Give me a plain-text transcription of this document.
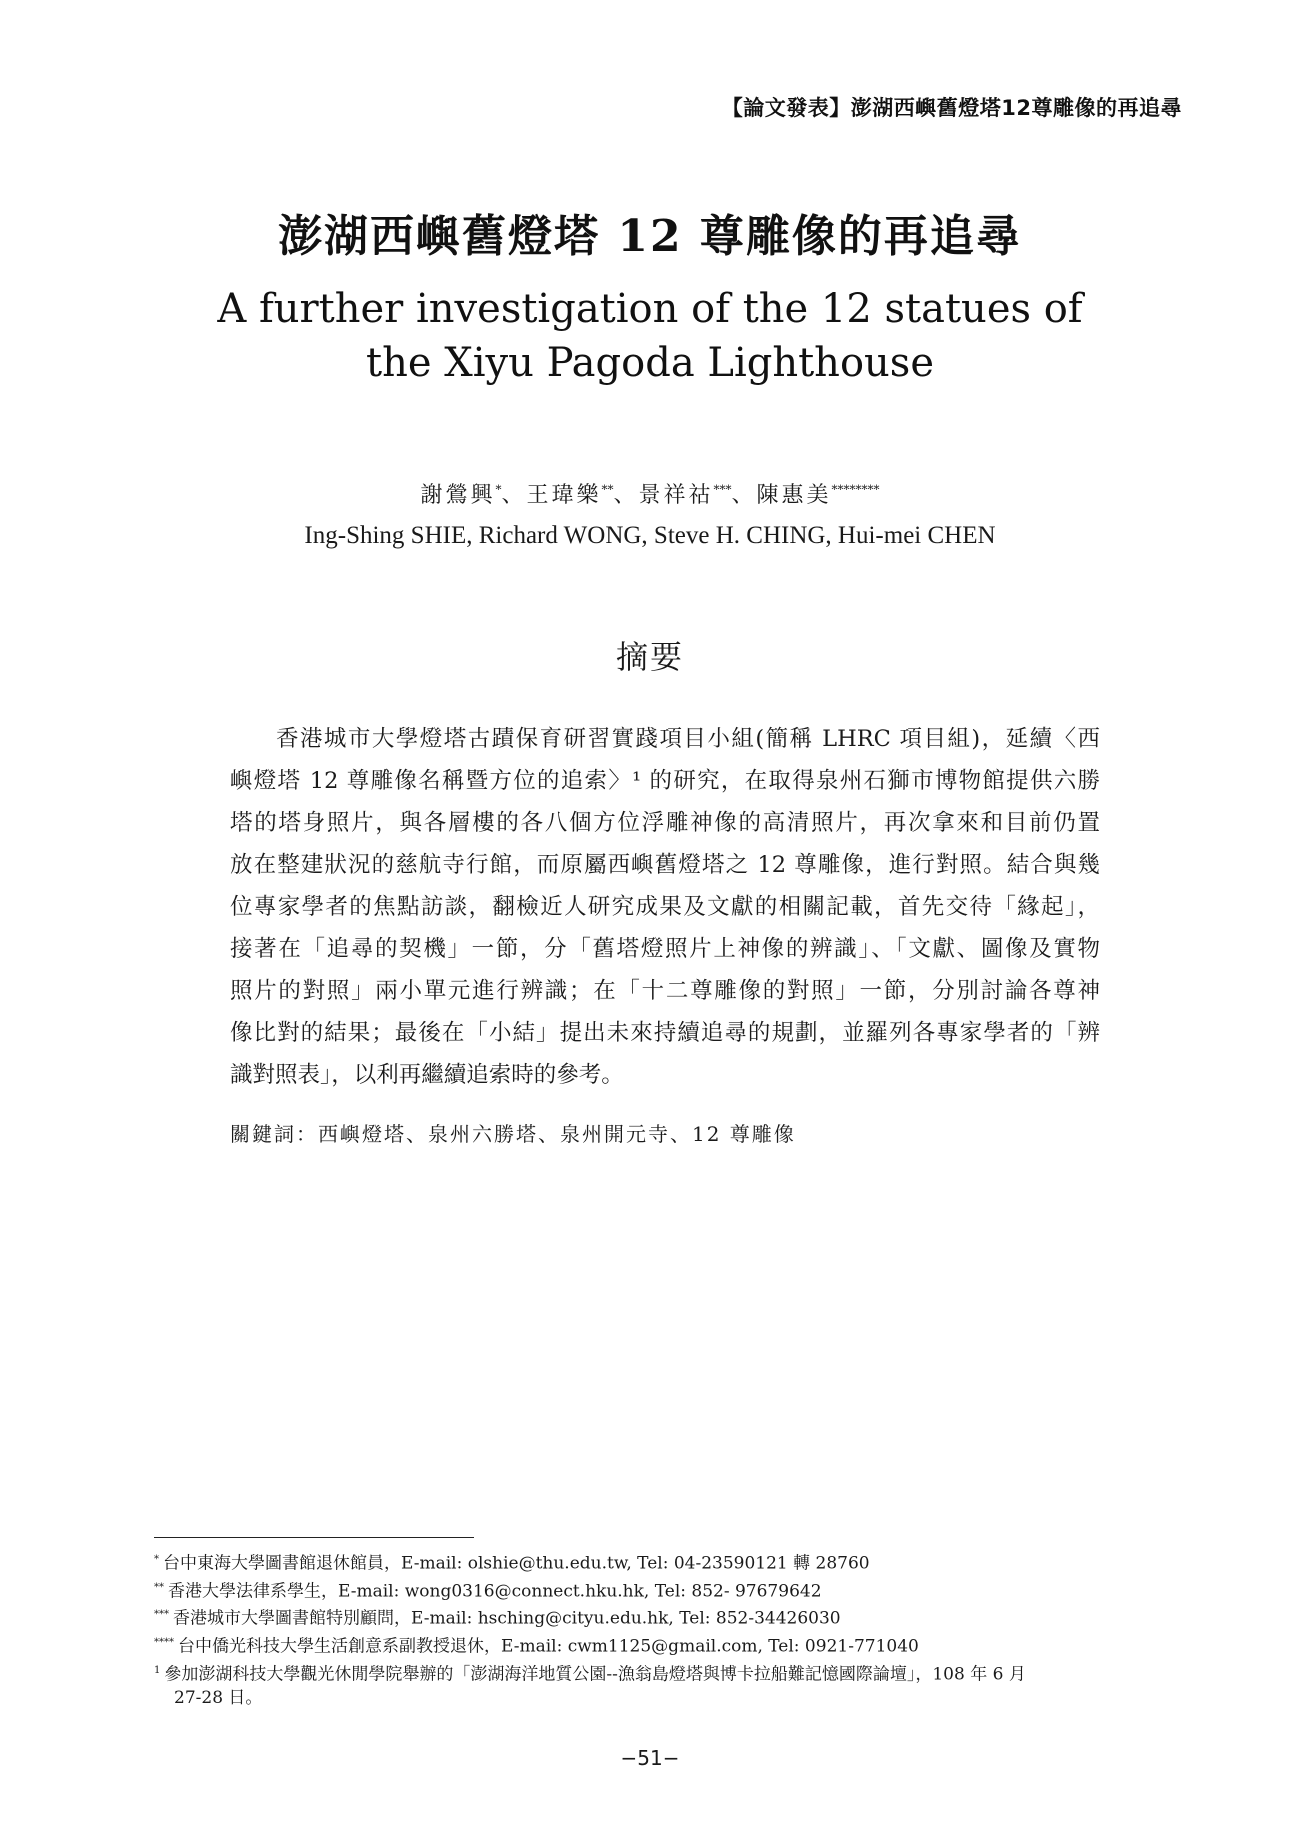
【論文發表】澎湖西嶼舊燈塔12尊雕像的再追尋
澎湖西嶼舊燈塔 12 尊雕像的再追尋
A further investigation of the 12 statues of
the Xiyu Pagoda Lighthouse
謝鶯興*、王瑋樂**、景祥祜***、陳惠美********
Ing-Shing SHIE, Richard WONG, Steve H. CHING, Hui-mei CHEN
摘要
香港城市大學燈塔古蹟保育研習實踐項目小組(簡稱 LHRC 項目組)，延續〈西
嶼燈塔 12 尊雕像名稱暨方位的追索〉¹ 的研究，在取得泉州石獅市博物館提供六勝
塔的塔身照片，與各層樓的各八個方位浮雕神像的高清照片，再次拿來和目前仍置
放在整建狀況的慈航寺行館，而原屬西嶼舊燈塔之 12 尊雕像，進行對照。結合與幾
位專家學者的焦點訪談，翻檢近人研究成果及文獻的相關記載，首先交待「緣起」，
接著在「追尋的契機」一節，分「舊塔燈照片上神像的辨識」、「文獻、圖像及實物
照片的對照」兩小單元進行辨識；在「十二尊雕像的對照」一節，分別討論各尊神
像比對的結果；最後在「小結」提出未來持續追尋的規劃，並羅列各專家學者的「辨
識對照表」，以利再繼續追索時的參考。
關鍵詞：西嶼燈塔、泉州六勝塔、泉州開元寺、12 尊雕像
* 台中東海大學圖書館退休館員，E-mail: olshie@thu.edu.tw, Tel: 04-23590121 轉 28760
** 香港大學法律系學生，E-mail: wong0316@connect.hku.hk, Tel: 852- 97679642
*** 香港城市大學圖書館特別顧問，E-mail: hsching@cityu.edu.hk, Tel: 852-34426030
**** 台中僑光科技大學生活創意系副教授退休，E-mail: cwm1125@gmail.com, Tel: 0921-771040
$^1$ 參加澎湖科技大學觀光休閒學院舉辦的「澎湖海洋地質公園--漁翁島燈塔與博卡拉船難記憶國際論壇」，108 年 6 月
27-28 日。
−51−
